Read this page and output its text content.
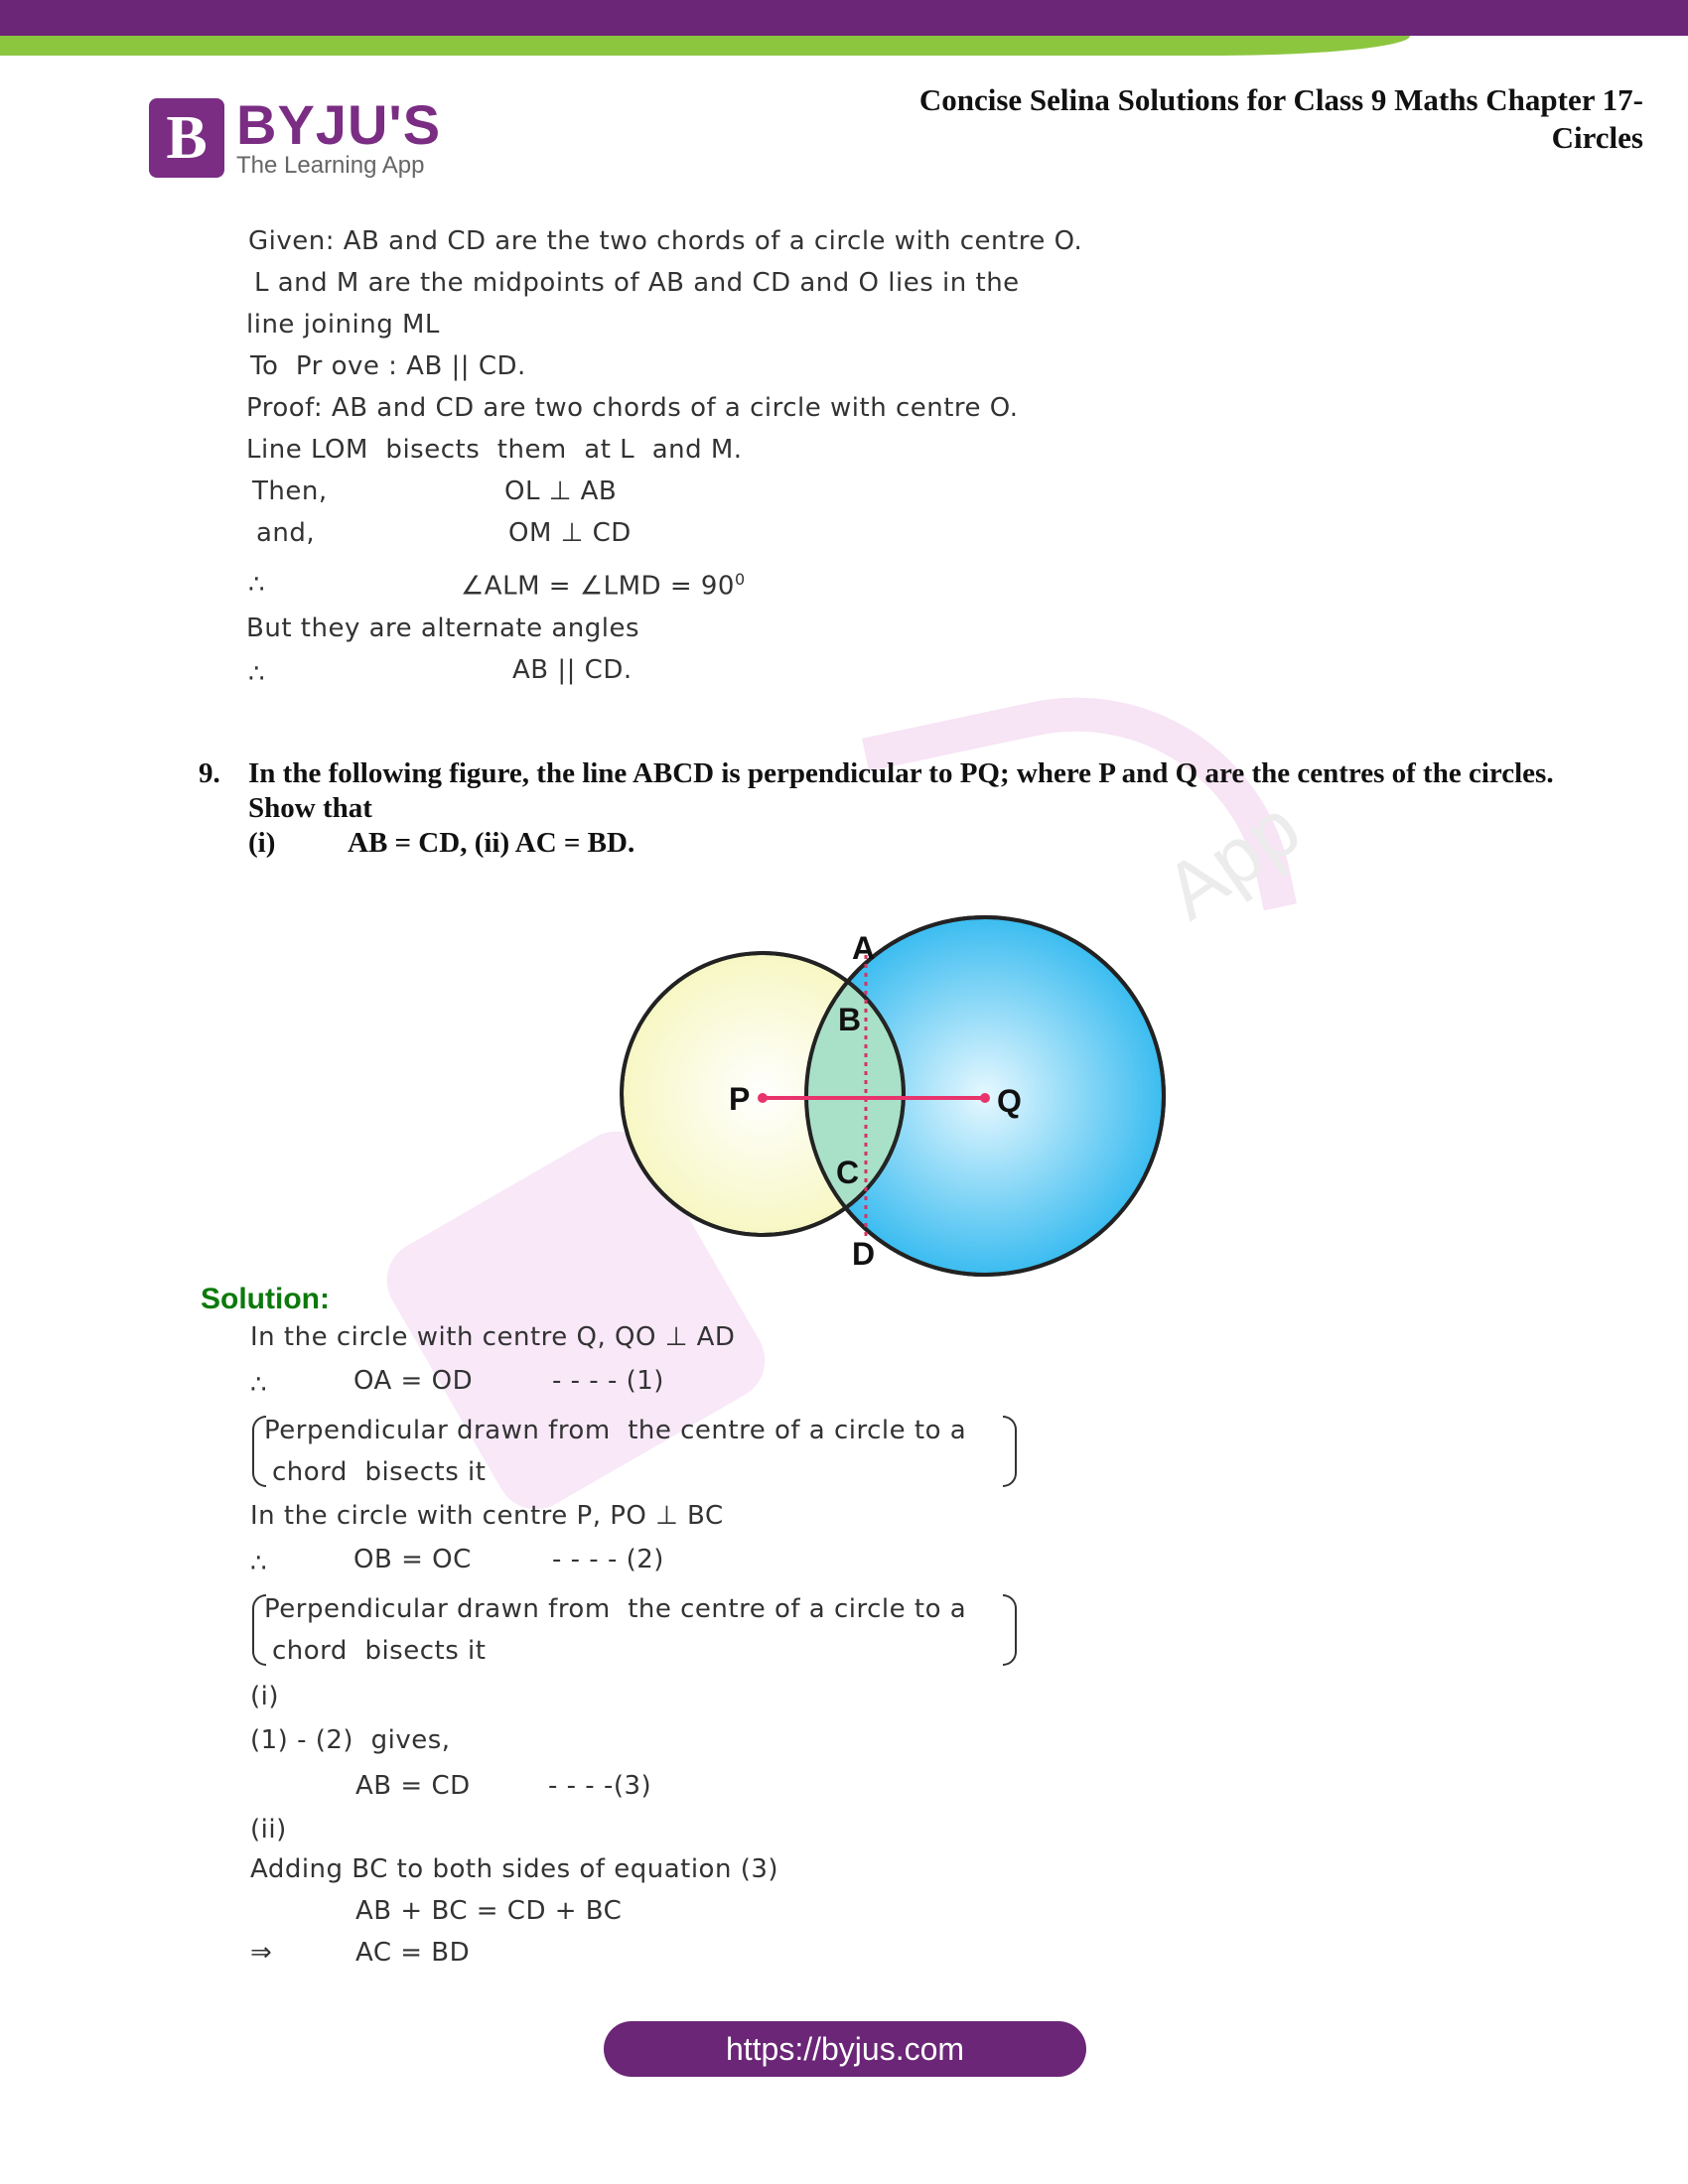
App
B BYJU'S
The Learning App
Concise Selina Solutions for Class 9 Maths Chapter 17-
Circles
Given: AB and CD are the two chords of a circle with centre O.
L and M are the midpoints of AB and CD and O lies in the
line joining ML
To  Pr ove : AB || CD.
Proof: AB and CD are two chords of a circle with centre O.
Line LOM  bisects  them  at L  and M.
Then,	OL ⊥ AB
and,	OM ⊥ CD
∴	∠ALM = ∠LMD = $90^0$
But they are alternate angles
∴	AB || CD.
9. In the following figure, the line ABCD is perpendicular to PQ; where P and Q are the centres of the circles. Show that
(i)	AB = CD, (ii) AC = BD.
A
B
P	Q
C
D
Solution:
In the circle with centre Q, QO ⊥ AD
∴	OA = OD	- - - - (1)
Perpendicular drawn from  the centre of a circle to a
chord  bisects it
In the circle with centre P, PO ⊥ BC
∴	OB = OC	- - - - (2)
Perpendicular drawn from  the centre of a circle to a
chord  bisects it
(i)
(1) - (2)  gives,
AB = CD	- - - -(3)
(ii)
Adding BC to both sides of equation (3)
AB + BC = CD + BC
⇒	AC = BD
https://byjus.com
